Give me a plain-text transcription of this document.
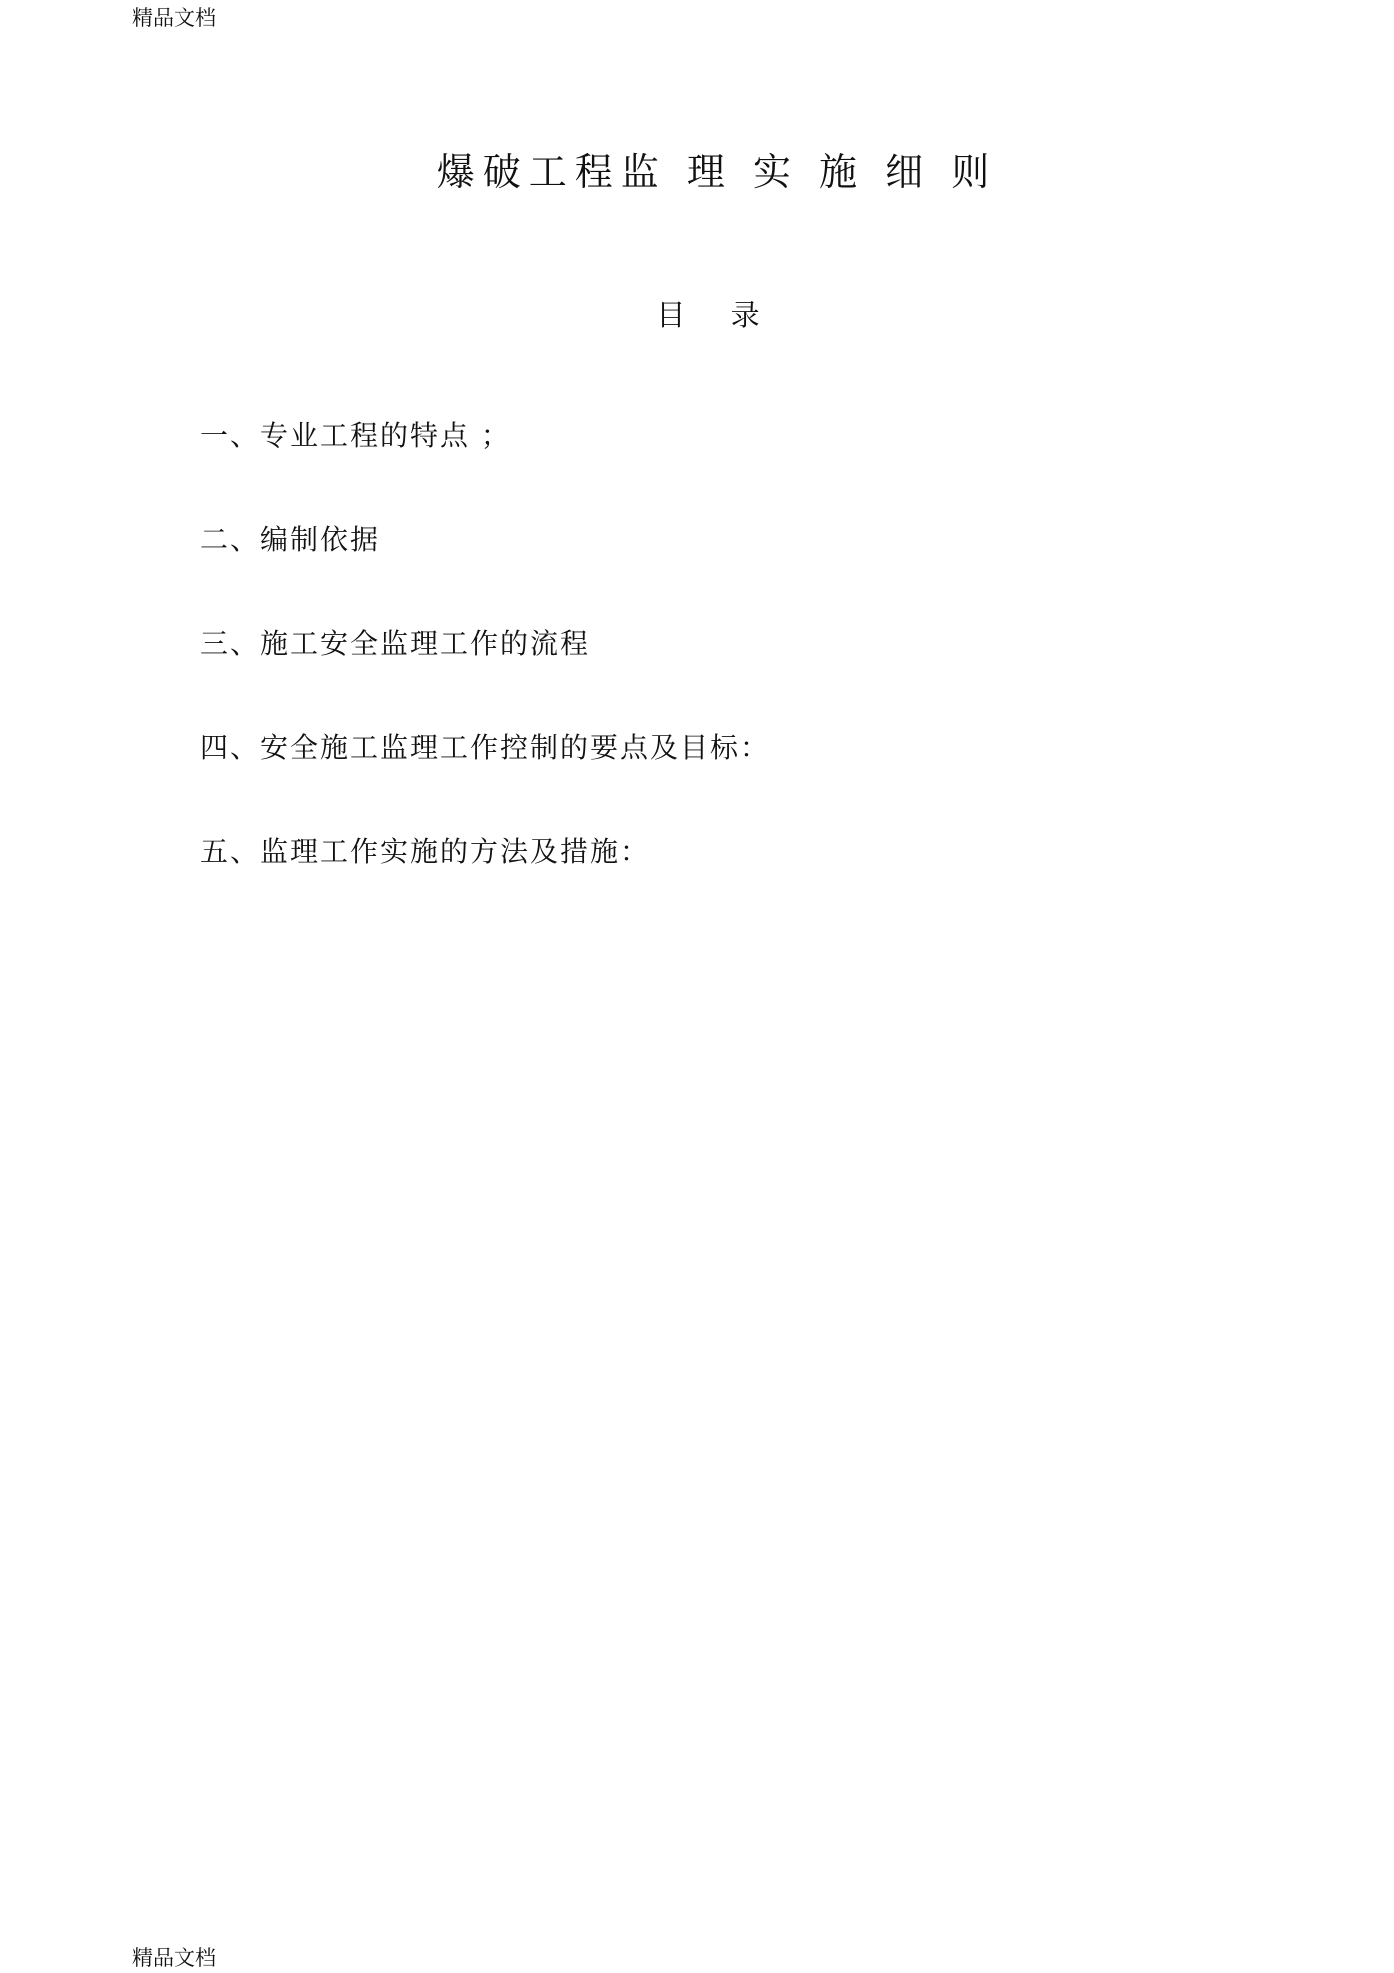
精品文档
爆破工程监 理 实 施 细 则
目 录
一、专业工程的特点 ；
二、编制依据
三、施工安全监理工作的流程
四、安全施工监理工作控制的要点及目标：
五、监理工作实施的方法及措施：
精品文档
